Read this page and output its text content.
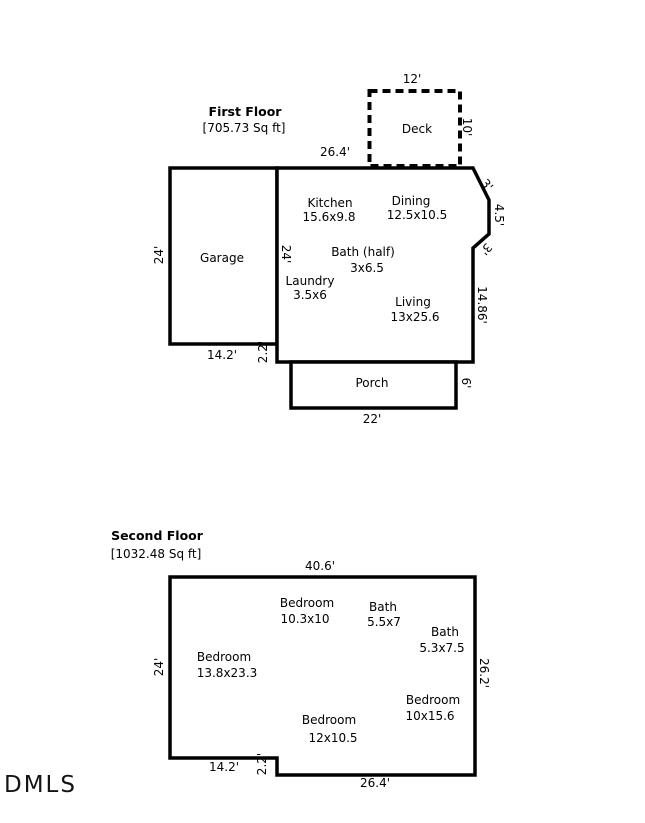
First Floor
[705.73 Sq ft]
12'
Deck 10'
26.4'
24'	Garage	24'
Kitchen
15.6x9.8
Dining
12.5x10.5
Bath (half)
3x6.5
Laundry
3.5x6	Living
13x25.6
3'
4.5'
3'
14.86'
14.2' 2.2'
Porch	6'
22'
Second Floor
[1032.48 Sq ft]
40.6'
24'	26.2'
Bedroom
10.3x10
Bath
5.5x7
Bath
5.3x7.5
Bedroom
13.8x23.3
Bedroom
10x15.6
Bedroom
12x10.5
14.2' 2.2'
26.4'
DMLS
